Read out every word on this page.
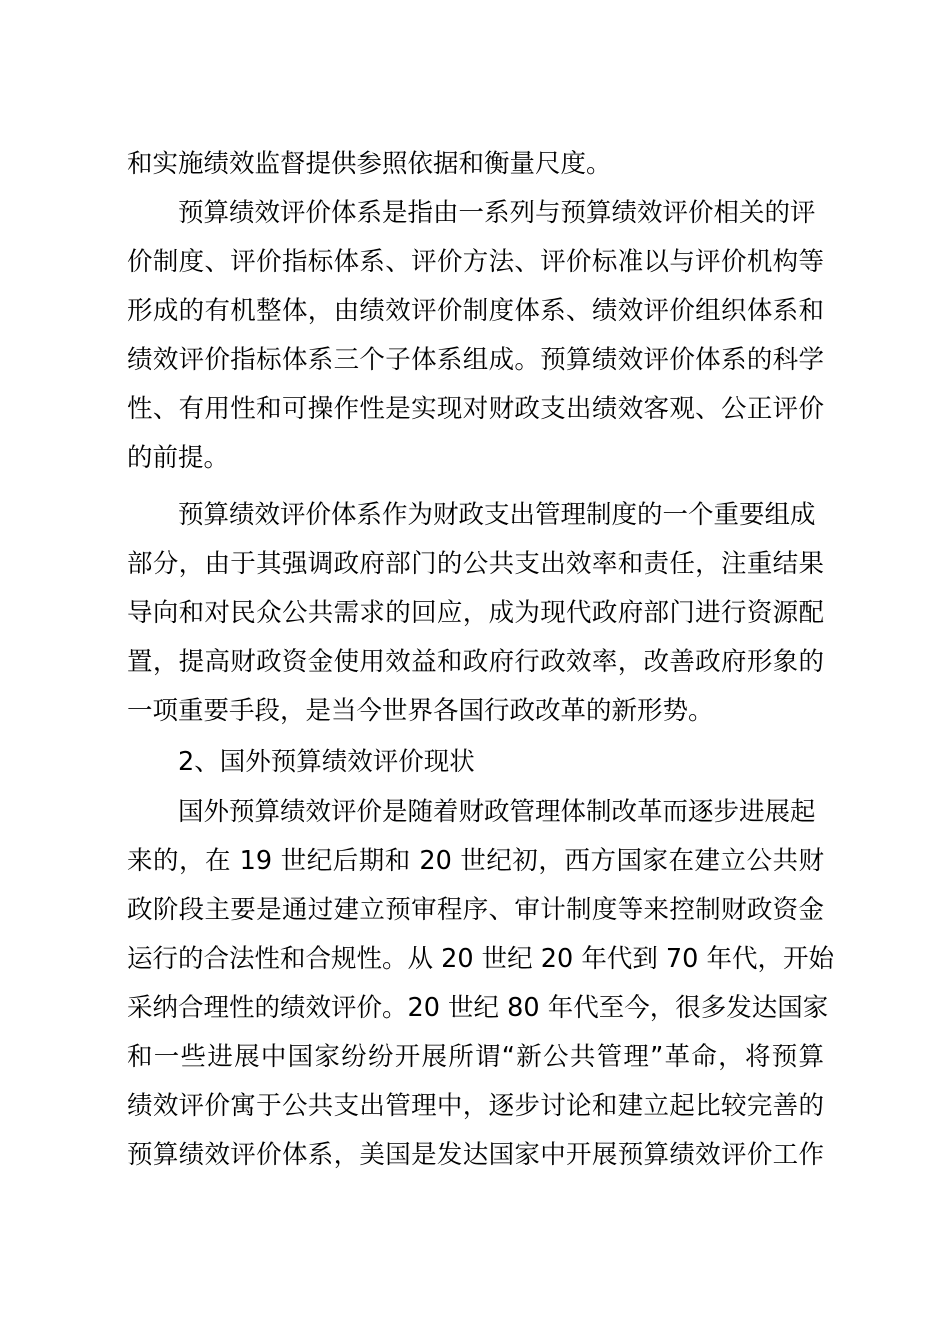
和实施绩效监督提供参照依据和衡量尺度。
预算绩效评价体系是指由一系列与预算绩效评价相关的评
价制度、评价指标体系、评价方法、评价标准以与评价机构等
形成的有机整体，由绩效评价制度体系、绩效评价组织体系和
绩效评价指标体系三个子体系组成。预算绩效评价体系的科学
性、有用性和可操作性是实现对财政支出绩效客观、公正评价
的前提。
预算绩效评价体系作为财政支出管理制度的一个重要组成
部分，由于其强调政府部门的公共支出效率和责任，注重结果
导向和对民众公共需求的回应，成为现代政府部门进行资源配
置，提高财政资金使用效益和政府行政效率，改善政府形象的
一项重要手段，是当今世界各国行政改革的新形势。
2、国外预算绩效评价现状
国外预算绩效评价是随着财政管理体制改革而逐步进展起
来的，在 19 世纪后期和 20 世纪初，西方国家在建立公共财
政阶段主要是通过建立预审程序、审计制度等来控制财政资金
运行的合法性和合规性。从 20 世纪 20 年代到 70 年代，开始
采纳合理性的绩效评价。20 世纪 80 年代至今，很多发达国家
和一些进展中国家纷纷开展所谓“新公共管理”革命，将预算
绩效评价寓于公共支出管理中，逐步讨论和建立起比较完善的
预算绩效评价体系，美国是发达国家中开展预算绩效评价工作
